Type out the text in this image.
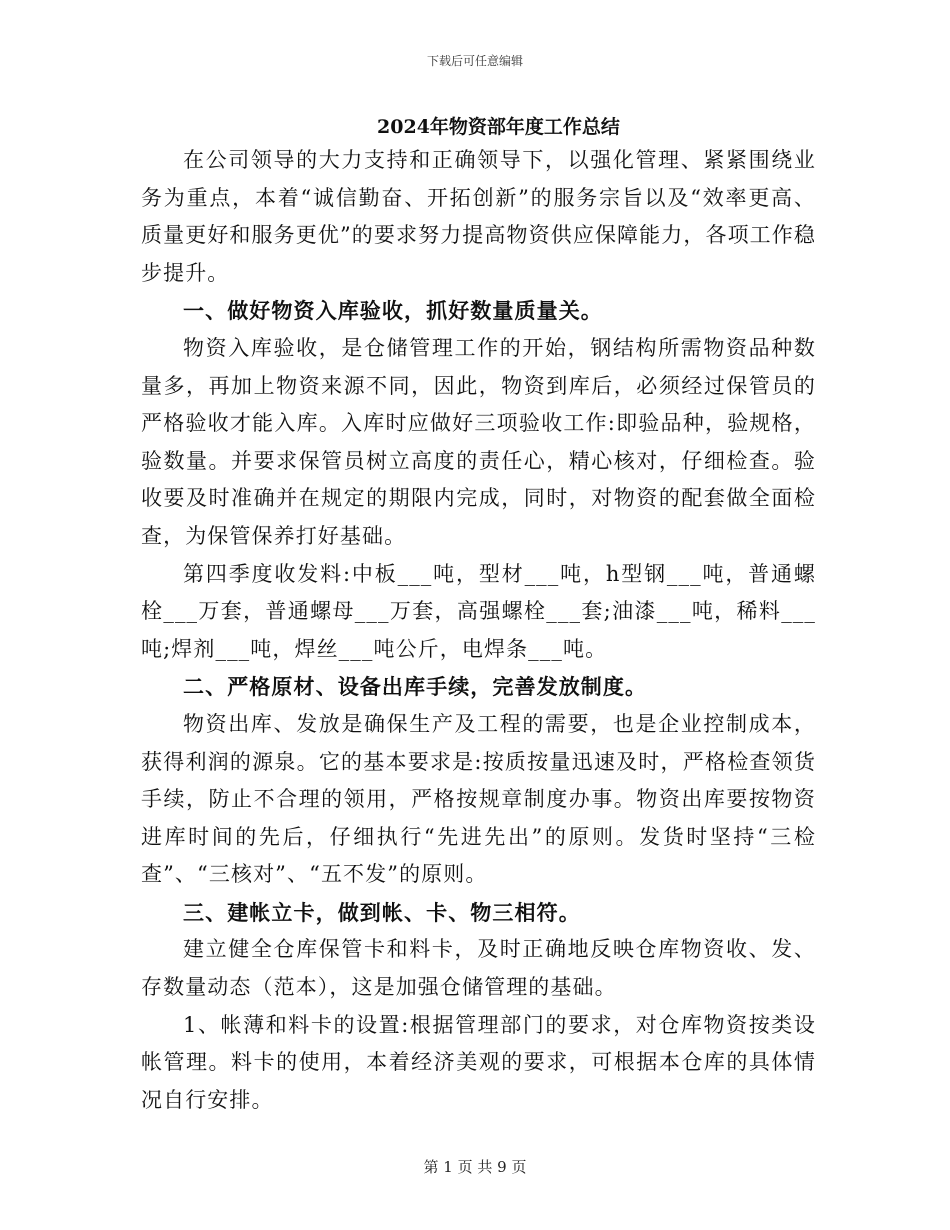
下载后可任意编辑
2024年物资部年度工作总结

在公司领导的大力支持和正确领导下，以强化管理、紧紧围绕业务为重点，本着“诚信勤奋、开拓创新”的服务宗旨以及“效率更高、质量更好和服务更优”的要求努力提高物资供应保障能力，各项工作稳步提升。

一、做好物资入库验收，抓好数量质量关。

物资入库验收，是仓储管理工作的开始，钢结构所需物资品种数量多，再加上物资来源不同，因此，物资到库后，必须经过保管员的严格验收才能入库。入库时应做好三项验收工作:即验品种，验规格，验数量。并要求保管员树立高度的责任心，精心核对，仔细检查。验收要及时准确并在规定的期限内完成，同时，对物资的配套做全面检查，为保管保养打好基础。

第四季度收发料:中板___吨，型材___吨，h型钢___吨，普通螺栓___万套，普通螺母___万套，高强螺栓___套;油漆___吨，稀料___吨;焊剂___吨，焊丝___吨公斤，电焊条___吨。

二、严格原材、设备出库手续，完善发放制度。

物资出库、发放是确保生产及工程的需要，也是企业控制成本，获得利润的源泉。它的基本要求是:按质按量迅速及时，严格检查领货手续，防止不合理的领用，严格按规章制度办事。物资出库要按物资进库时间的先后，仔细执行“先进先出”的原则。发货时坚持“三检查”、“三核对”、“五不发”的原则。

三、建帐立卡，做到帐、卡、物三相符。

建立健全仓库保管卡和料卡，及时正确地反映仓库物资收、发、存数量动态（范本），这是加强仓储管理的基础。

1、帐薄和料卡的设置:根据管理部门的要求，对仓库物资按类设帐管理。料卡的使用，本着经济美观的要求，可根据本仓库的具体情况自行安排。

第 1 页 共 9 页
